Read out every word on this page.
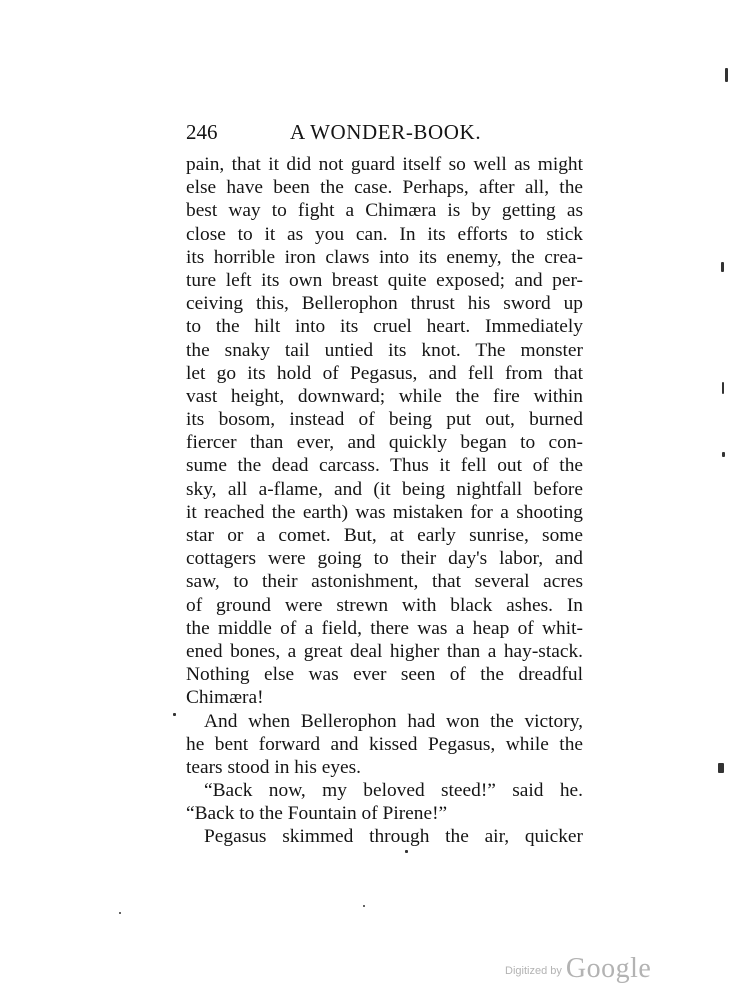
246	A WONDER-BOOK.
pain, that it did not guard itself so well as might
else have been the case. Perhaps, after all, the
best way to fight a Chimæra is by getting as
close to it as you can. In its efforts to stick
its horrible iron claws into its enemy, the crea-
ture left its own breast quite exposed; and per-
ceiving this, Bellerophon thrust his sword up
to the hilt into its cruel heart. Immediately
the snaky tail untied its knot. The monster
let go its hold of Pegasus, and fell from that
vast height, downward; while the fire within
its bosom, instead of being put out, burned
fiercer than ever, and quickly began to con-
sume the dead carcass. Thus it fell out of the
sky, all a-flame, and (it being nightfall before
it reached the earth) was mistaken for a shooting
star or a comet. But, at early sunrise, some
cottagers were going to their day's labor, and
saw, to their astonishment, that several acres
of ground were strewn with black ashes. In
the middle of a field, there was a heap of whit-
ened bones, a great deal higher than a hay-stack.
Nothing else was ever seen of the dreadful
Chimæra!
And when Bellerophon had won the victory,
he bent forward and kissed Pegasus, while the
tears stood in his eyes.
“Back now, my beloved steed!” said he.
“Back to the Fountain of Pirene!”
Pegasus skimmed through the air, quicker
Digitized by Google
